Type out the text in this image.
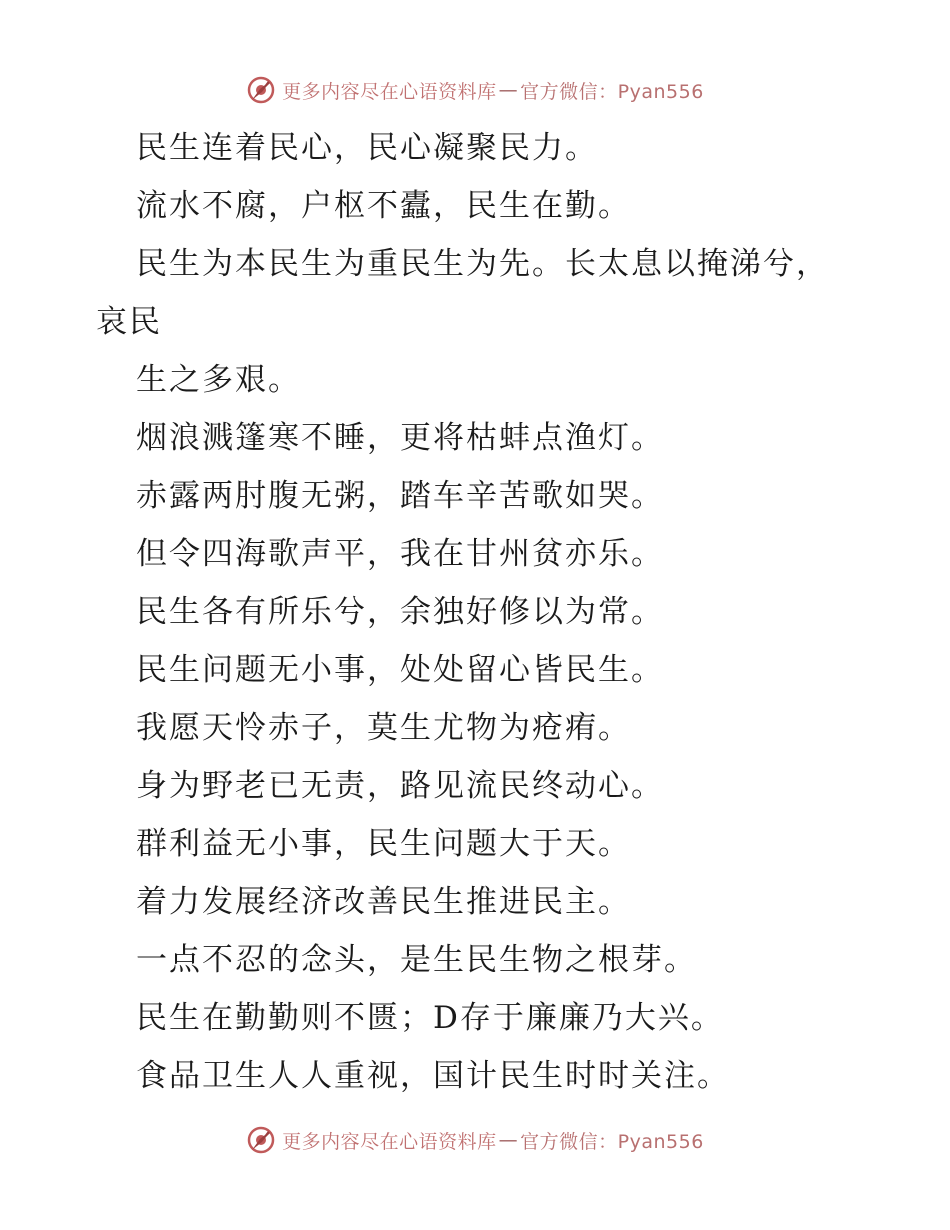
更多内容尽在心语资料库 — 官方微信：Pyan556
民生连着民心，民心凝聚民力。
流水不腐，户枢不蠹，民生在勤。
民生为本民生为重民生为先。长太息以掩涕兮，
哀民
生之多艰。
烟浪溅篷寒不睡，更将枯蚌点渔灯。
赤露两肘腹无粥，踏车辛苦歌如哭。
但令四海歌声平，我在甘州贫亦乐。
民生各有所乐兮，余独好修以为常。
民生问题无小事，处处留心皆民生。
我愿天怜赤子，莫生尤物为疮痏。
身为野老已无责，路见流民终动心。
群利益无小事，民生问题大于天。
着力发展经济改善民生推进民主。
一点不忍的念头，是生民生物之根芽。
民生在勤勤则不匮；D存于廉廉乃大兴。
食品卫生人人重视，国计民生时时关注。
更多内容尽在心语资料库 — 官方微信：Pyan556
